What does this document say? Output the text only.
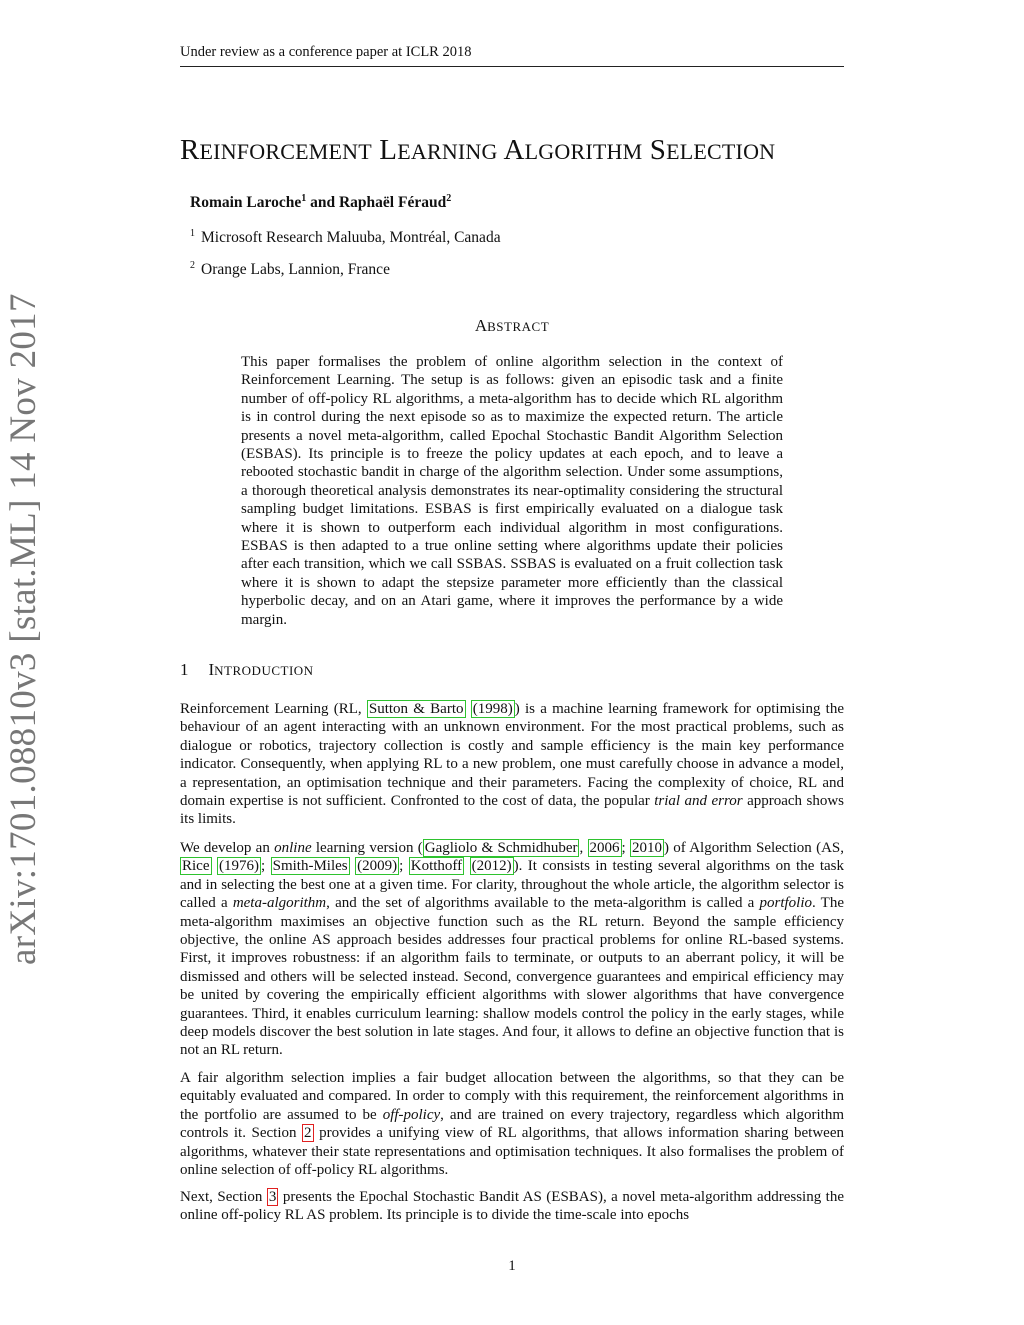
Under review as a conference paper at ICLR 2018
REINFORCEMENT LEARNING ALGORITHM SELECTION
Romain Laroche$^1$ and Raphaël Féraud$^2$
$^1$ Microsoft Research Maluuba, Montréal, Canada
$^2$ Orange Labs, Lannion, France
ABSTRACT
This paper formalises the problem of online algorithm selection in the context of Reinforcement Learning. The setup is as follows: given an episodic task and a finite number of off-policy RL algorithms, a meta-algorithm has to decide which RL algorithm is in control during the next episode so as to maximize the expected return. The article presents a novel meta-algorithm, called Epochal Stochastic Bandit Algorithm Selection (ESBAS). Its principle is to freeze the policy updates at each epoch, and to leave a rebooted stochastic bandit in charge of the algorithm selection. Under some assumptions, a thorough theoretical analysis demonstrates its near-optimality considering the structural sampling budget limitations. ESBAS is first empirically evaluated on a dialogue task where it is shown to outperform each individual algorithm in most configurations. ESBAS is then adapted to a true online setting where algorithms update their policies after each transition, which we call SSBAS. SSBAS is evaluated on a fruit collection task where it is shown to adapt the stepsize parameter more efficiently than the classical hyperbolic decay, and on an Atari game, where it improves the performance by a wide margin.
arXiv:1701.08810v3 [stat.ML] 14 Nov 2017	1 INTRODUCTION
Reinforcement Learning (RL, Sutton & Barto (1998) ) is a machine learning framework for optimising the behaviour of an agent interacting with an unknown environment. For the most practical problems, such as dialogue or robotics, trajectory collection is costly and sample efficiency is the main key performance indicator. Consequently, when applying RL to a new problem, one must carefully choose in advance a model, a representation, an optimisation technique and their parameters. Facing the complexity of choice, RL and domain expertise is not sufficient. Confronted to the cost of data, the popular trial and error approach shows its limits.
We develop an online learning version ( Gagliolo & Schmidhuber , 2006 ; 2010 ) of Algorithm Selection (AS, Rice (1976) ; Smith-Miles (2009) ; Kotthoff (2012) ). It consists in testing several algorithms on the task and in selecting the best one at a given time. For clarity, throughout the whole article, the algorithm selector is called a meta-algorithm, and the set of algorithms available to the meta-algorithm is called a portfolio. The meta-algorithm maximises an objective function such as the RL return. Beyond the sample efficiency objective, the online AS approach besides addresses four practical problems for online RL-based systems. First, it improves robustness: if an algorithm fails to terminate, or outputs to an aberrant policy, it will be dismissed and others will be selected instead. Second, convergence guarantees and empirical efficiency may be united by covering the empirically efficient algorithms with slower algorithms that have convergence guarantees. Third, it enables curriculum learning: shallow models control the policy in the early stages, while deep models discover the best solution in late stages. And four, it allows to define an objective function that is not an RL return.
A fair algorithm selection implies a fair budget allocation between the algorithms, so that they can be equitably evaluated and compared. In order to comply with this requirement, the reinforcement algorithms in the portfolio are assumed to be off-policy, and are trained on every trajectory, regardless which algorithm controls it. Section 2 provides a unifying view of RL algorithms, that allows information sharing between algorithms, whatever their state representations and optimisation techniques. It also formalises the problem of online selection of off-policy RL algorithms.
Next, Section 3 presents the Epochal Stochastic Bandit AS (ESBAS), a novel meta-algorithm addressing the online off-policy RL AS problem. Its principle is to divide the time-scale into epochs
1
